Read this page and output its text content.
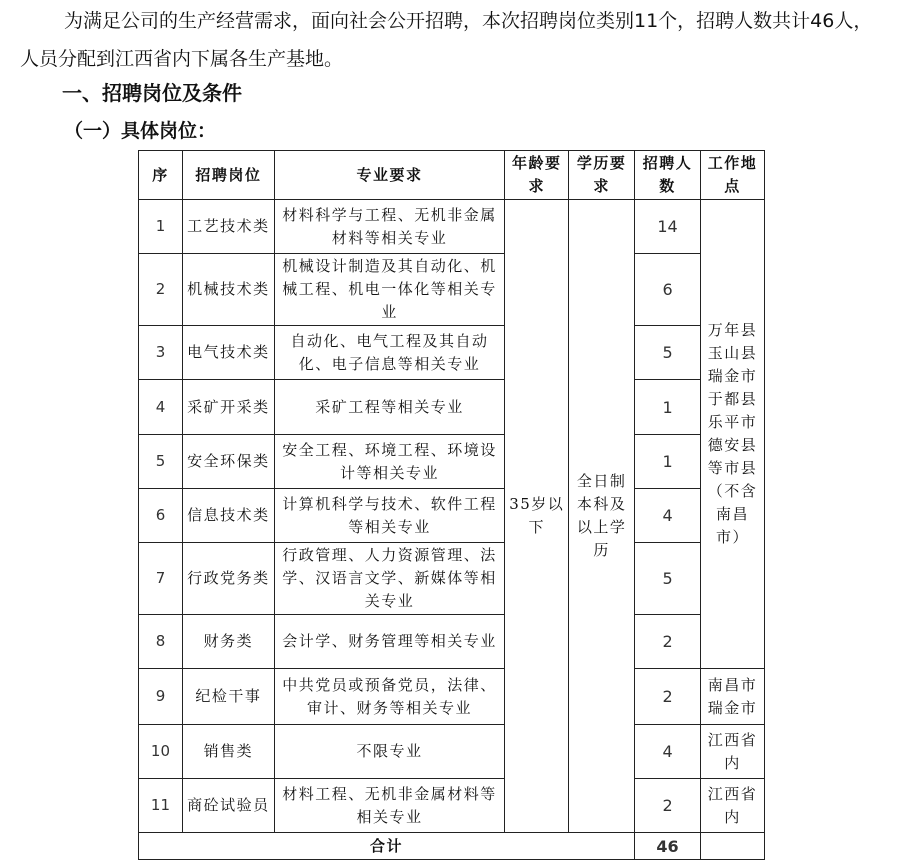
为满足公司的生产经营需求，面向社会公开招聘，本次招聘岗位类别11个，招聘人数共计46人，人员分配到江西省内下属各生产基地。

一、招聘岗位及条件
（一）具体岗位：
序	招聘岗位	专业要求	年龄要求	学历要求	招聘人数	工作地点
1	工艺技术类	材料科学与工程、无机非金属材料等相关专业	35岁以下	全日制本科及以上学历	14	万年县玉山县瑞金市于都县乐平市德安县等市县（不含南昌市）
2	机械技术类	机械设计制造及其自动化、机械工程、机电一体化等相关专业			6	
3	电气技术类	自动化、电气工程及其自动化、电子信息等相关专业			5	
4	采矿开采类	采矿工程等相关专业			1	
5	安全环保类	安全工程、环境工程、环境设计等相关专业			1	
6	信息技术类	计算机科学与技术、软件工程等相关专业			4	
7	行政党务类	行政管理、人力资源管理、法学、汉语言文学、新媒体等相关专业			5	
8	财务类	会计学、财务管理等相关专业			2	
9	纪检干事	中共党员或预备党员，法律、审计、财务等相关专业			2	南昌市瑞金市
10	销售类	不限专业			4	江西省内
11	商砼试验员	材料工程、无机非金属材料等相关专业			2	江西省内
合计					46	
